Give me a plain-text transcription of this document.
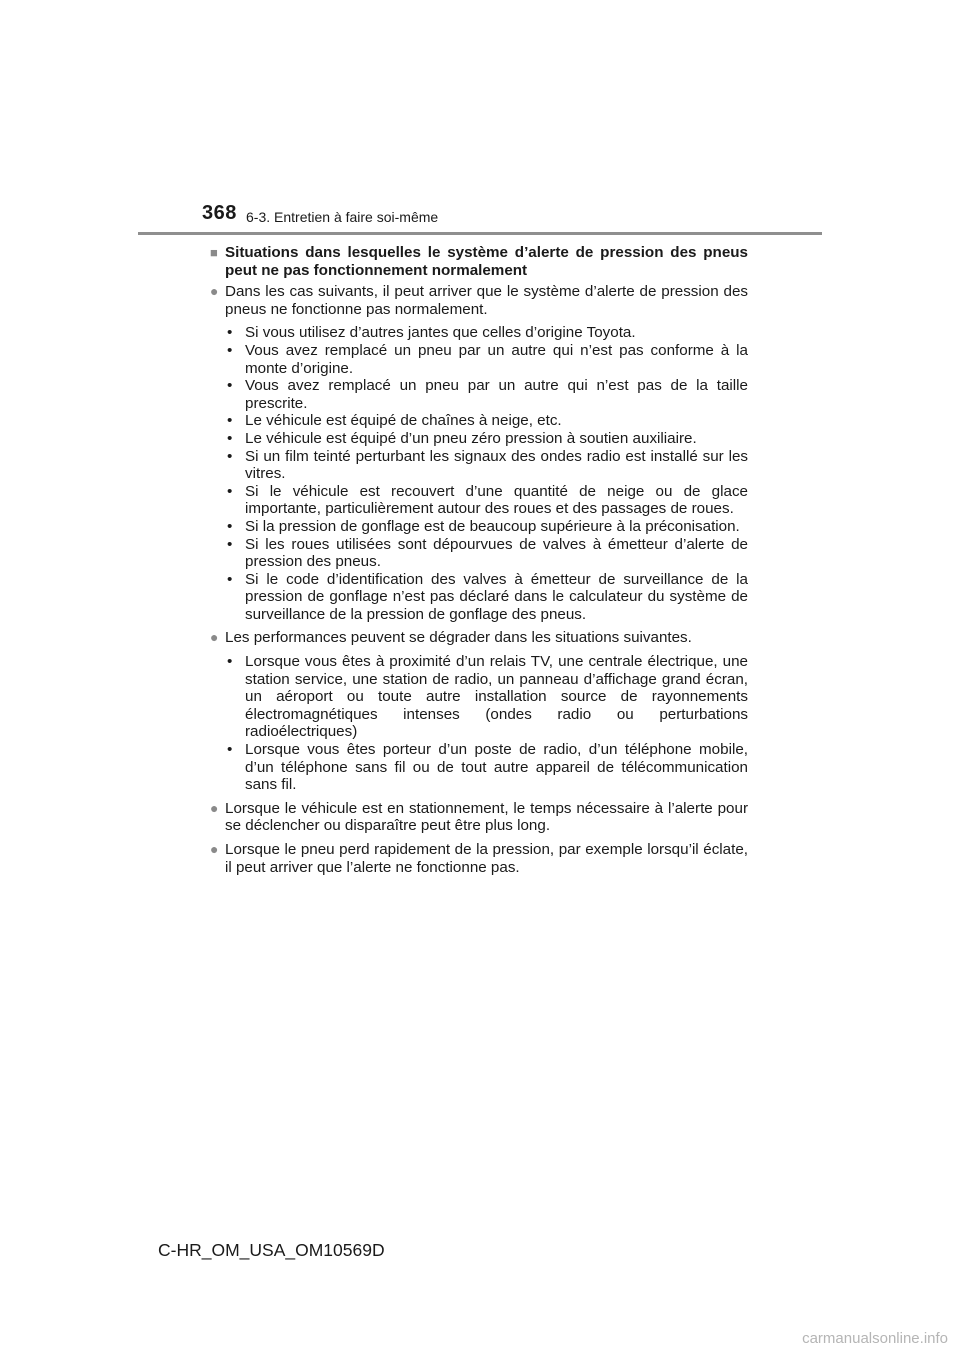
368 6-3. Entretien à faire soi-même
■ Situations dans lesquelles le système d’alerte de pression des pneus peut ne pas fonctionnement normalement
● Dans les cas suivants, il peut arriver que le système d’alerte de pression des pneus ne fonctionne pas normalement.
• Si vous utilisez d’autres jantes que celles d’origine Toyota.
• Vous avez remplacé un pneu par un autre qui n’est pas conforme à la monte d’origine.
• Vous avez remplacé un pneu par un autre qui n’est pas de la taille prescrite.
• Le véhicule est équipé de chaînes à neige, etc.
• Le véhicule est équipé d’un pneu zéro pression à soutien auxiliaire.
• Si un film teinté perturbant les signaux des ondes radio est installé sur les vitres.
• Si le véhicule est recouvert d’une quantité de neige ou de glace importante, particulièrement autour des roues et des passages de roues.
• Si la pression de gonflage est de beaucoup supérieure à la préconisation.
• Si les roues utilisées sont dépourvues de valves à émetteur d’alerte de pression des pneus.
• Si le code d’identification des valves à émetteur de surveillance de la pression de gonflage n’est pas déclaré dans le calculateur du système de surveillance de la pression de gonflage des pneus.
● Les performances peuvent se dégrader dans les situations suivantes.
• Lorsque vous êtes à proximité d’un relais TV, une centrale électrique, une station service, une station de radio, un panneau d’affichage grand écran, un aéroport ou toute autre installation source de rayonnements électromagnétiques intenses (ondes radio ou perturbations radioélectriques)
• Lorsque vous êtes porteur d’un poste de radio, d’un téléphone mobile, d’un téléphone sans fil ou de tout autre appareil de télécommunication sans fil.
● Lorsque le véhicule est en stationnement, le temps nécessaire à l’alerte pour se déclencher ou disparaître peut être plus long.
● Lorsque le pneu perd rapidement de la pression, par exemple lorsqu’il éclate, il peut arriver que l’alerte ne fonctionne pas.
C-HR_OM_USA_OM10569D
carmanualsonline.info
